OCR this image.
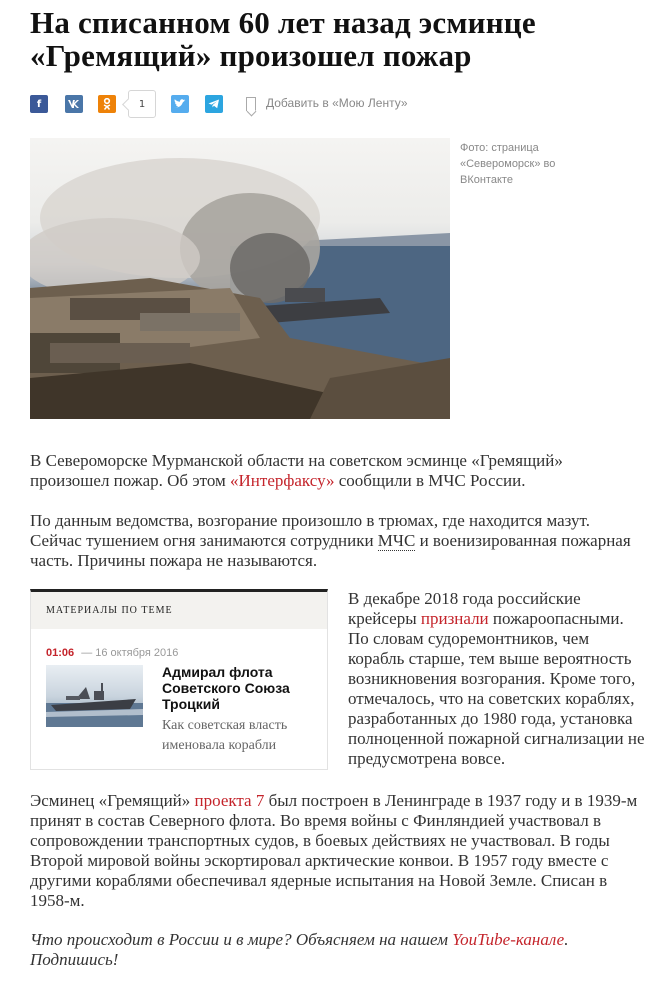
На списанном 60 лет назад эсминце «Гремящий» произошел пожар
f	1	Добавить в «Мою Ленту»
Фото: страница «Североморск» во ВКонтакте

В Североморске Мурманской области на советском эсминце «Гремящий» произошел пожар. Об этом «Интерфаксу» сообщили в МЧС России.

По данным ведомства, возгорание произошло в трюмах, где находится мазут. Сейчас тушением огня занимаются сотрудники МЧС и военизированная пожарная часть. Причины пожара не называются.

МАТЕРИАЛЫ ПО ТЕМЕ
01:06 — 16 октября 2016
Адмирал флота Советского Союза Троцкий
Как советская власть именовала корабли

В декабре 2018 года российские крейсеры признали пожароопасными. По словам судоремонтников, чем корабль старше, тем выше вероятность возникновения возгорания. Кроме того, отмечалось, что на советских кораблях, разработанных до 1980 года, установка полноценной пожарной сигнализации не предусмотрена вовсе.

Эсминец «Гремящий» проекта 7 был построен в Ленинграде в 1937 году и в 1939-м принят в состав Северного флота. Во время войны с Финляндией участвовал в сопровождении транспортных судов, в боевых действиях не участвовал. В годы Второй мировой войны эскортировал арктические конвои. В 1957 году вместе с другими кораблями обеспечивал ядерные испытания на Новой Земле. Списан в 1958-м.

Что происходит в России и в мире? Объясняем на нашем YouTube-канале. Подпишись!
